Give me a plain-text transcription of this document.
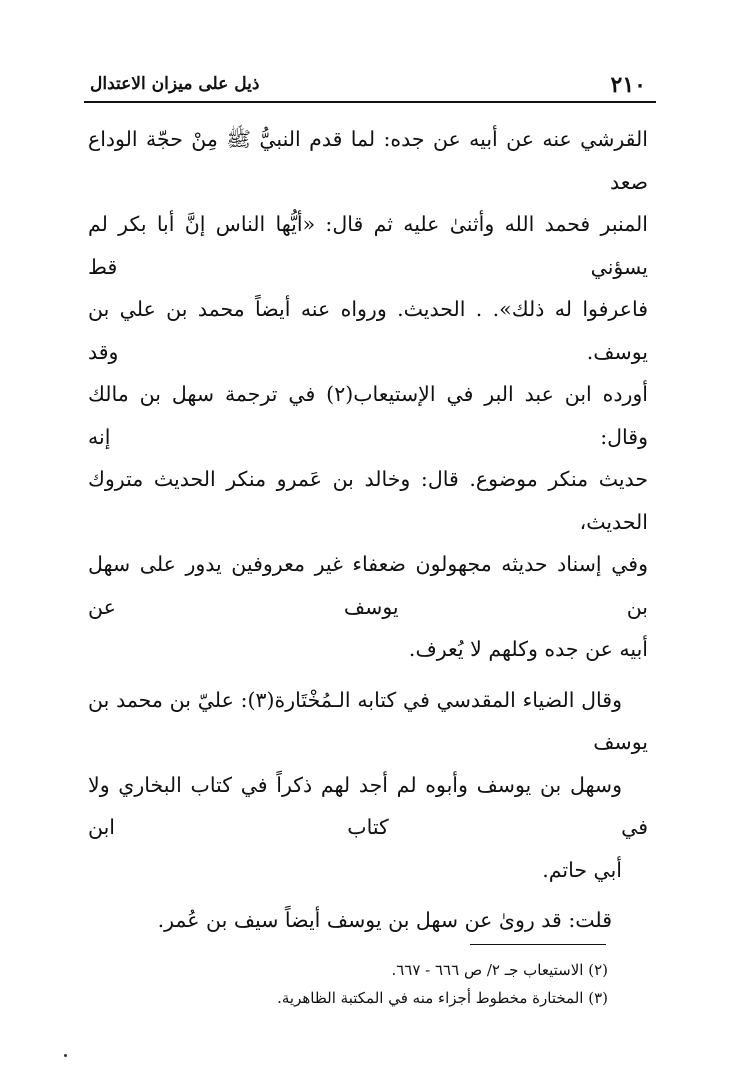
٢١٠
ذيل على ميزان الاعتدال

القرشي عنه عن أبيه عن جده: لما قدم النبيُّ ﷺ مِنْ حجّة الوداع صعد
المنبر فحمد الله وأثنىٰ عليه ثم قال: «أيُّها الناس إنَّ أبا بكر لم يسؤني قط
فاعرفوا له ذلك». . الحديث. ورواه عنه أيضاً محمد بن علي بن يوسف. وقد
أورده ابن عبد البر في الإستيعاب(٢) في ترجمة سهل بن مالك وقال: إنه
حديث منكر موضوع. قال: وخالد بن عَمرو منكر الحديث متروك الحديث،
وفي إسناد حديثه مجهولون ضعفاء غير معروفين يدور على سهل بن يوسف عن
أبيه عن جده وكلهم لا يُعرف.

وقال الضياء المقدسي في كتابه الـمُخْتَارة(٣): عليّ بن محمد بن يوسف
وسهل بن يوسف وأبوه لم أجد لهم ذكراً في كتاب البخاري ولا في كتاب ابن
أبي حاتم.

قلت: قد روىٰ عن سهل بن يوسف أيضاً سيف بن عُمر.

(٢) الاستيعاب جـ ٢/ ص ٦٦٦ - ٦٦٧.

(٣) المختارة مخطوط أجزاء منه في المكتبة الظاهرية.
